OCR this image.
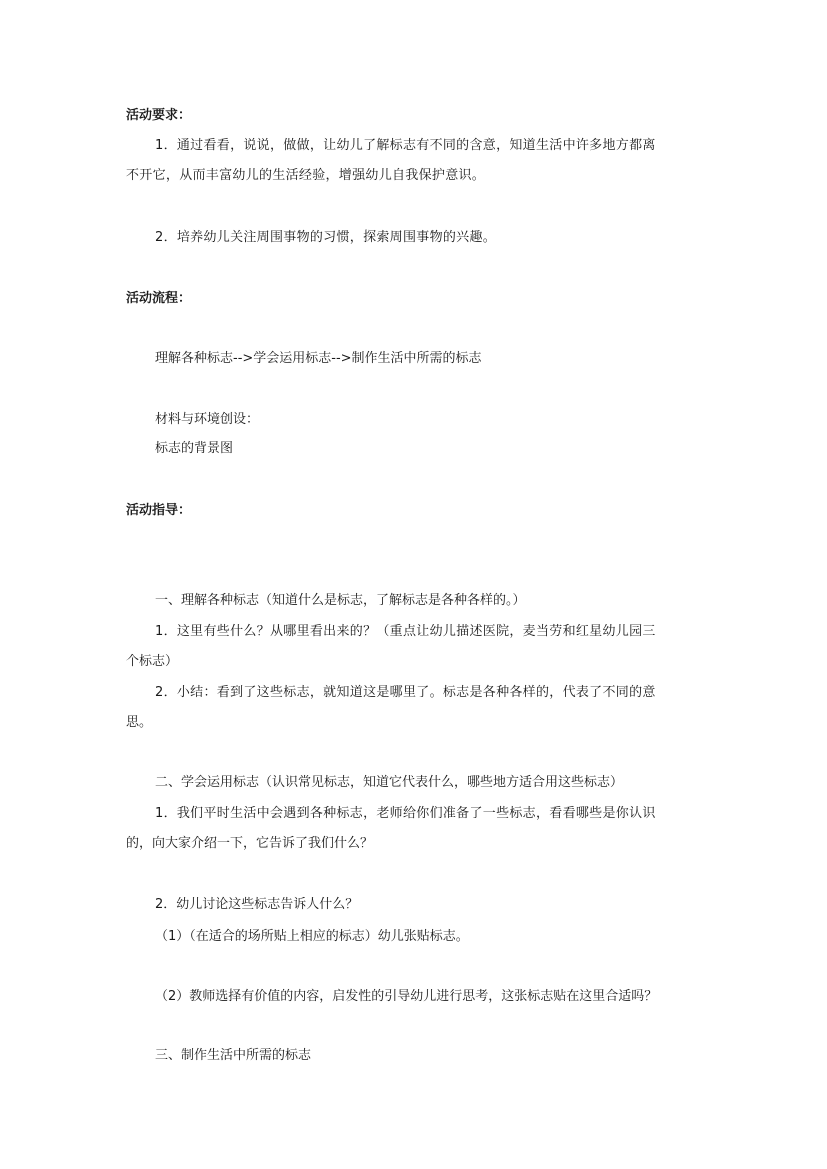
活动要求：
1．通过看看，说说，做做，让幼儿了解标志有不同的含意，知道生活中许多地方都离
不开它，从而丰富幼儿的生活经验，增强幼儿自我保护意识。
2．培养幼儿关注周围事物的习惯，探索周围事物的兴趣。
活动流程：
理解各种标志-->学会运用标志-->制作生活中所需的标志
材料与环境创设：
标志的背景图
活动指导：
一、理解各种标志（知道什么是标志，了解标志是各种各样的。）
1．这里有些什么？从哪里看出来的？（重点让幼儿描述医院，麦当劳和红星幼儿园三
个标志）
2．小结：看到了这些标志，就知道这是哪里了。标志是各种各样的，代表了不同的意
思。
二、学会运用标志（认识常见标志，知道它代表什么，哪些地方适合用这些标志）
1．我们平时生活中会遇到各种标志，老师给你们准备了一些标志，看看哪些是你认识
的，向大家介绍一下，它告诉了我们什么？
2．幼儿讨论这些标志告诉人什么？
（1）（在适合的场所贴上相应的标志）幼儿张贴标志。
（2）教师选择有价值的内容，启发性的引导幼儿进行思考，这张标志贴在这里合适吗？
三、制作生活中所需的标志
